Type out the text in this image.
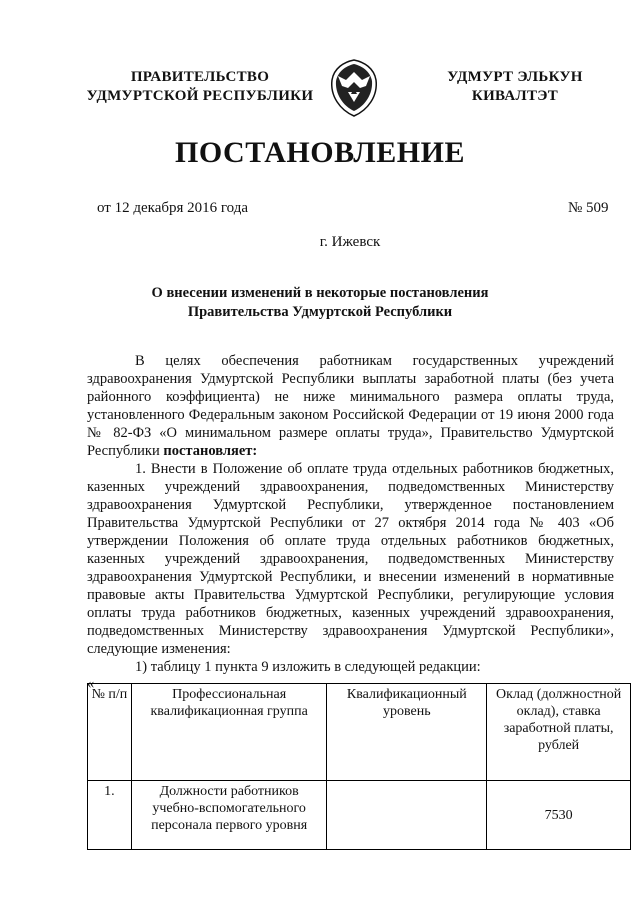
ПРАВИТЕЛЬСТВО
УДМУРТСКОЙ РЕСПУБЛИКИ
УДМУРТ ЭЛЬКУН
КИВАЛТЭТ
ПОСТАНОВЛЕНИЕ
от 12 декабря 2016 года	№ 509
г. Ижевск
О внесении изменений в некоторые постановления
Правительства Удмуртской Республики

В целях обеспечения работникам государственных учреждений здравоохранения Удмуртской Республики выплаты заработной платы (без учета районного коэффициента) не ниже минимального размера оплаты труда, установленного Федеральным законом Российской Федерации от 19 июня 2000 года № 82-ФЗ «О минимальном размере оплаты труда», Правительство Удмуртской Республики постановляет:

1. Внести в Положение об оплате труда отдельных работников бюджетных, казенных учреждений здравоохранения, подведомственных Министерству здравоохранения Удмуртской Республики, утвержденное постановлением Правительства Удмуртской Республики от 27 октября 2014 года № 403 «Об утверждении Положения об оплате труда отдельных работников бюджетных, казенных учреждений здравоохранения, подведомственных Министерству здравоохранения Удмуртской Республики, и внесении изменений в нормативные правовые акты Правительства Удмуртской Республики, регулирующие условия оплаты труда работников бюджетных, казенных учреждений здравоохранения, подведомственных Министерству здравоохранения Удмуртской Республики», следующие изменения:

1) таблицу 1 пункта 9 изложить в следующей редакции:

«

№ п/п	Профессиональная квалификационная группа	Квалификационный уровень	Оклад (должностной оклад), ставка заработной платы, рублей
1.	Должности работников учебно-вспомогательного персонала первого уровня		7530
